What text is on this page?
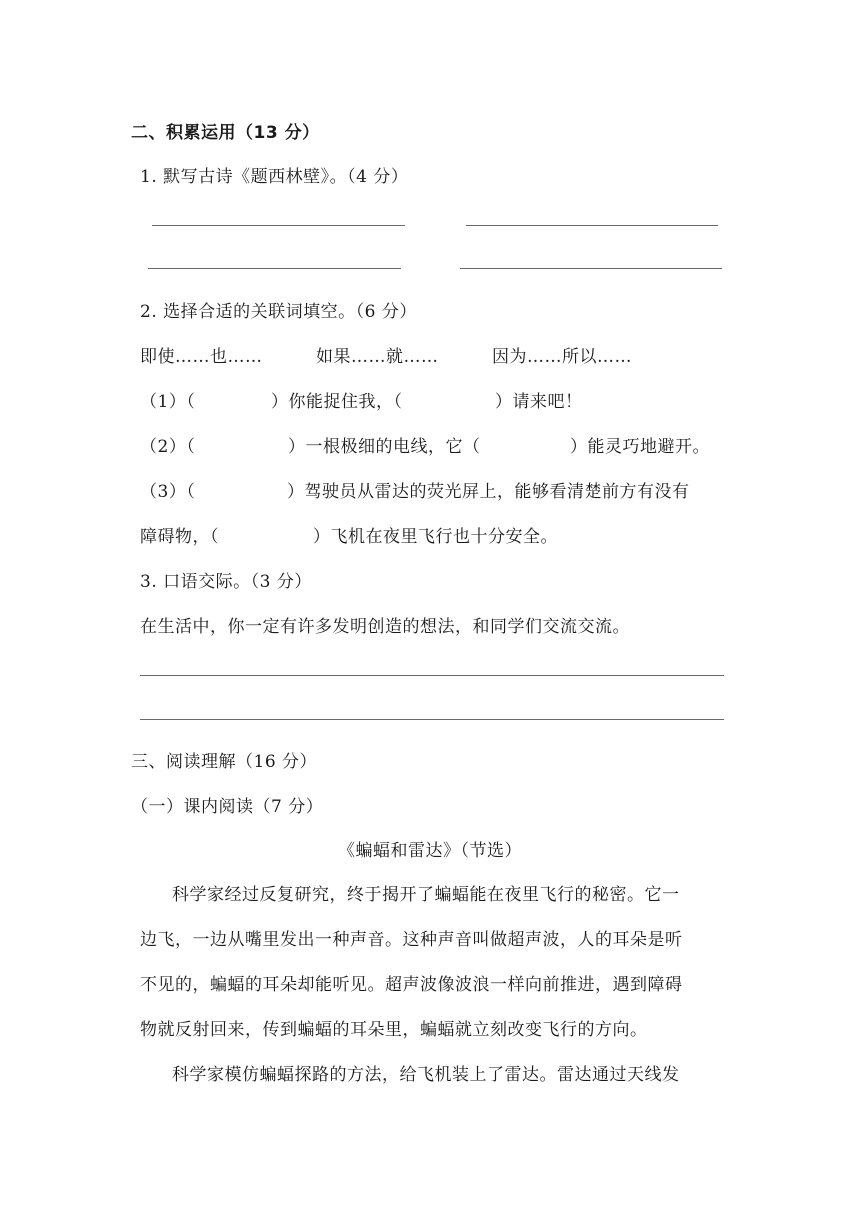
二、积累运用（13 分）
1. 默写古诗《题西林壁》。（4 分）
2. 选择合适的关联词填空。（6 分）
即使……也……	如果……就……	因为……所以……
（1）（	）你能捉住我，（	）请来吧！
（2）（	）一根极细的电线，它（	）能灵巧地避开。
（3）（	）驾驶员从雷达的荧光屏上，能够看清楚前方有没有
障碍物，（	）飞机在夜里飞行也十分安全。
3. 口语交际。（3 分）
在生活中，你一定有许多发明创造的想法，和同学们交流交流。
三、阅读理解（16 分）
（一）课内阅读（7 分）
《蝙蝠和雷达》（节选）
科学家经过反复研究，终于揭开了蝙蝠能在夜里飞行的秘密。它一
边飞，一边从嘴里发出一种声音。这种声音叫做超声波，人的耳朵是听
不见的，蝙蝠的耳朵却能听见。超声波像波浪一样向前推进，遇到障碍
物就反射回来，传到蝙蝠的耳朵里，蝙蝠就立刻改变飞行的方向。
科学家模仿蝙蝠探路的方法，给飞机装上了雷达。雷达通过天线发
